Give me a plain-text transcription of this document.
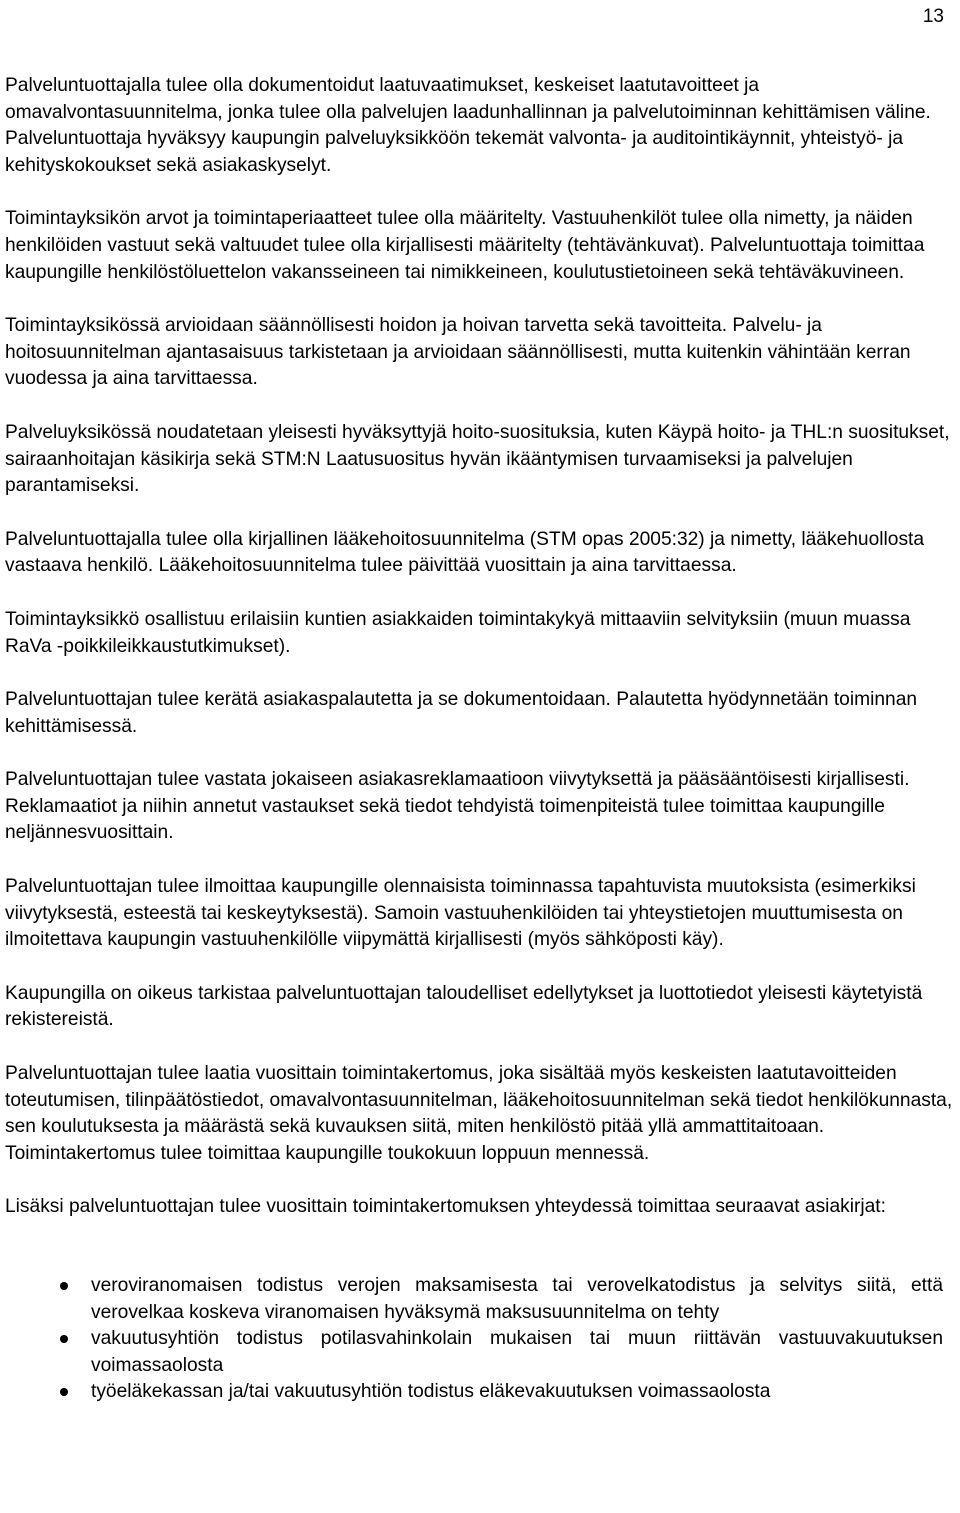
13

Palveluntuottajalla tulee olla dokumentoidut laatuvaatimukset, keskeiset laatutavoitteet ja omavalvontasuunnitelma, jonka tulee olla palvelujen laadunhallinnan ja palvelutoiminnan kehittämisen väline. Palveluntuottaja hyväksyy kaupungin palveluyksikköön tekemät valvonta- ja auditointikäynnit, yhteistyö- ja kehityskokoukset sekä asiakaskyselyt.

Toimintayksikön arvot ja toimintaperiaatteet tulee olla määritelty. Vastuuhenkilöt tulee olla nimetty, ja näiden henkilöiden vastuut sekä valtuudet tulee olla kirjallisesti määritelty (tehtävänkuvat). Palveluntuottaja toimittaa kaupungille henkilöstöluettelon vakansseineen tai nimikkeineen, koulutustietoineen sekä tehtäväkuvineen.

Toimintayksikössä arvioidaan säännöllisesti hoidon ja hoivan tarvetta sekä tavoitteita. Palvelu- ja hoitosuunnitelman ajantasaisuus tarkistetaan ja arvioidaan säännöllisesti, mutta kuitenkin vähintään kerran vuodessa ja aina tarvittaessa.

Palveluyksikössä noudatetaan yleisesti hyväksyttyjä hoito-suosituksia, kuten Käypä hoito- ja THL:n suositukset, sairaanhoitajan käsikirja sekä STM:N Laatusuositus hyvän ikääntymisen turvaamiseksi ja palvelujen parantamiseksi.

Palveluntuottajalla tulee olla kirjallinen lääkehoitosuunnitelma (STM opas 2005:32) ja nimetty, lääkehuollosta vastaava henkilö. Lääkehoitosuunnitelma tulee päivittää vuosittain ja aina tarvittaessa.

Toimintayksikkö osallistuu erilaisiin kuntien asiakkaiden toimintakykyä mittaaviin selvityksiin (muun muassa RaVa -poikkileikkaustutkimukset).

Palveluntuottajan tulee kerätä asiakaspalautetta ja se dokumentoidaan. Palautetta hyödynnetään toiminnan kehittämisessä.

Palveluntuottajan tulee vastata jokaiseen asiakasreklamaatioon viivytyksettä ja pääsääntöisesti kirjallisesti. Reklamaatiot ja niihin annetut vastaukset sekä tiedot tehdyistä toimenpiteistä tulee toimittaa kaupungille neljännesvuosittain.

Palveluntuottajan tulee ilmoittaa kaupungille olennaisista toiminnassa tapahtuvista muutoksista (esimerkiksi viivytyksestä, esteestä tai keskeytyksestä). Samoin vastuuhenkilöiden tai yhteystietojen muuttumisesta on ilmoitettava kaupungin vastuuhenkilölle viipymättä kirjallisesti (myös sähköposti käy).

Kaupungilla on oikeus tarkistaa palveluntuottajan taloudelliset edellytykset ja luottotiedot yleisesti käytetyistä rekistereistä.

Palveluntuottajan tulee laatia vuosittain toimintakertomus, joka sisältää myös keskeisten laatutavoitteiden toteutumisen, tilinpäätöstiedot, omavalvontasuunnitelman, lääkehoitosuunnitelman sekä tiedot henkilökunnasta, sen koulutuksesta ja määrästä sekä kuvauksen siitä, miten henkilöstö pitää yllä ammattitaitoaan. Toimintakertomus tulee toimittaa kaupungille toukokuun loppuun mennessä.

Lisäksi palveluntuottajan tulee vuosittain toimintakertomuksen yhteydessä toimittaa seuraavat asiakirjat:

veroviranomaisen todistus verojen maksamisesta tai verovelkatodistus ja selvitys siitä, että verovelkaa koskeva viranomaisen hyväksymä maksusuunnitelma on tehty
vakuutusyhtiön todistus potilasvahinkolain mukaisen tai muun riittävän vastuuvakuutuksen voimassaolosta
työeläkekassan ja/tai vakuutusyhtiön todistus eläkevakuutuksen voimassaolosta
